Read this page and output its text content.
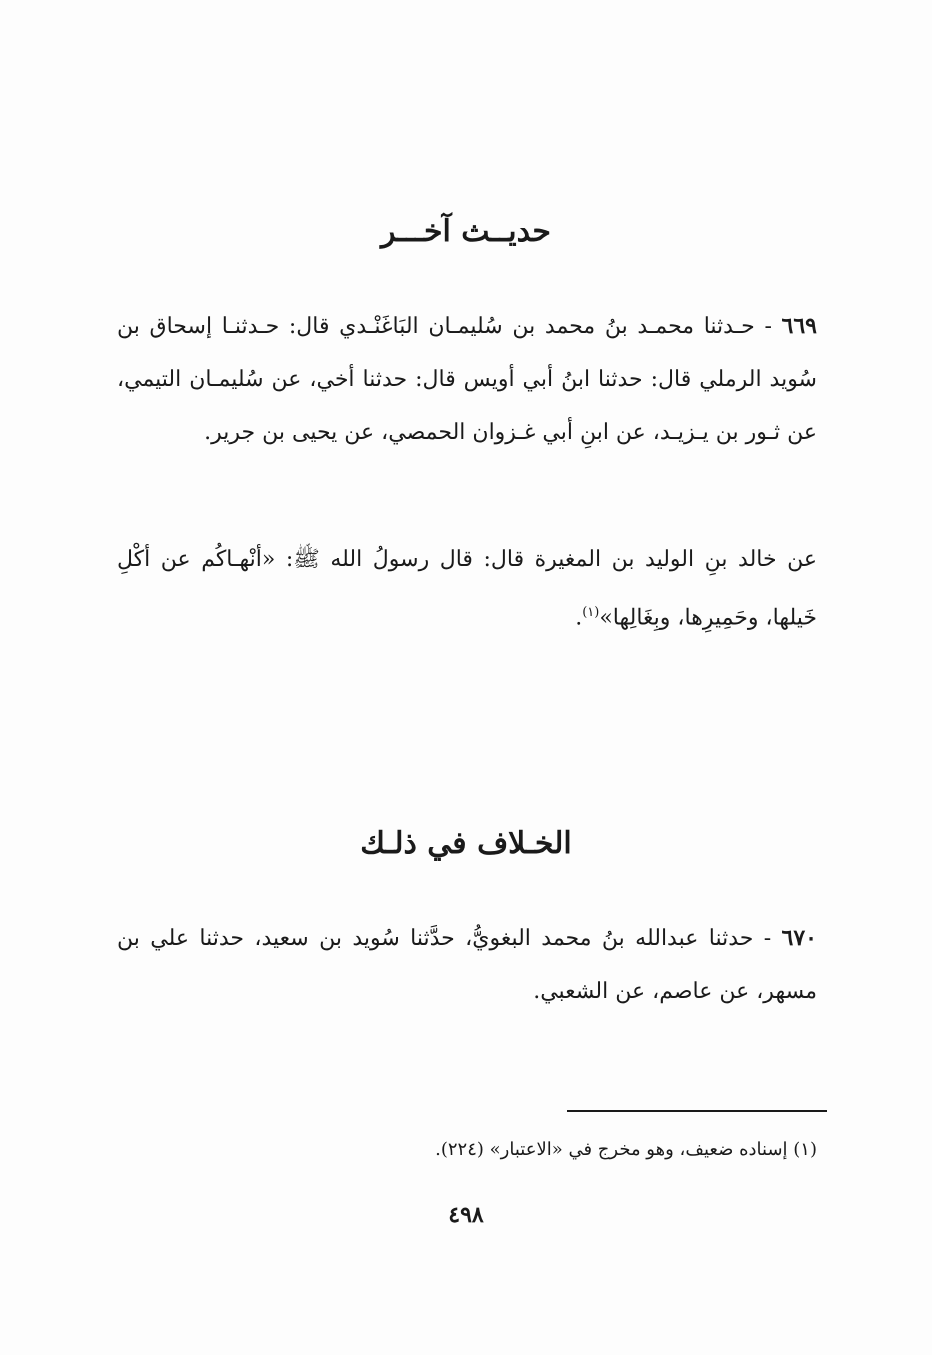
حديــث آخـــر
٦٦٩ - حـدثنا محمـد بنُ محمد بن سُليمـان البَاغَنْـدي قال: حـدثنـا إسحاق بن سُويد الرملي قال: حدثنا ابنُ أبي أويس قال: حدثنا أخي، عن سُليمـان التيمي، عن ثـور بن يـزيـد، عن ابنِ أبي غـزوان الحمصي، عن يحيى بن جرير.
عن خالد بنِ الوليد بن المغيرة قال: قال رسولُ الله ﷺ: «أنْهـاكُم عن أكْلِ خَيلها، وحَمِيرِها، وبِغَالِها»$^{(١)}$.
الخـلاف في ذلـك
٦٧٠ - حدثنا عبدالله بنُ محمد البغويُّ، حدَّثنا سُويد بن سعيد، حدثنا علي بن مسهر، عن عاصم، عن الشعبي.
(١) إسناده ضعيف، وهو مخرج في «الاعتبار» (٢٢٤).
٤٩٨
